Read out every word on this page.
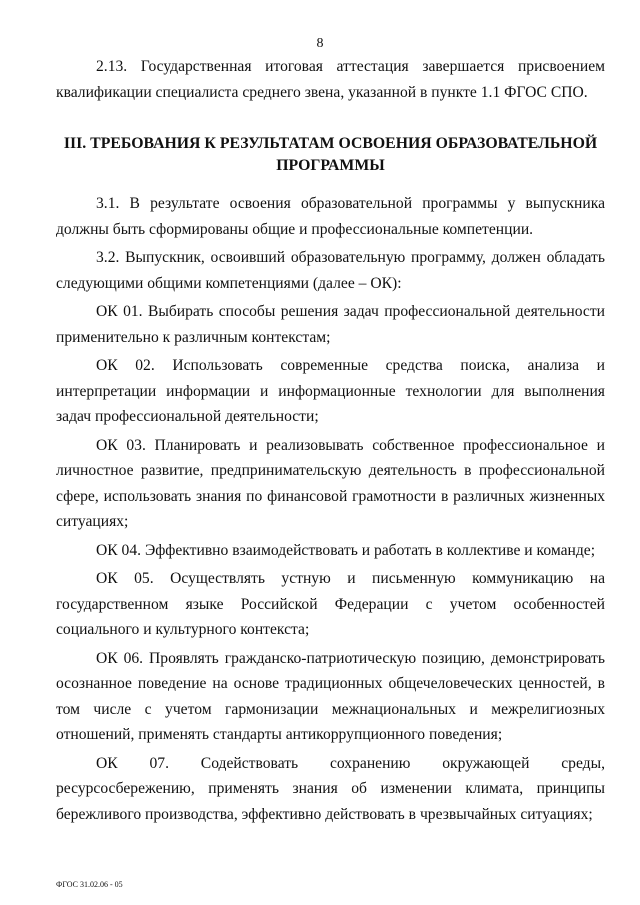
8

2.13. Государственная итоговая аттестация завершается присвоением квалификации специалиста среднего звена, указанной в пункте 1.1 ФГОС СПО.

III. ТРЕБОВАНИЯ К РЕЗУЛЬТАТАМ ОСВОЕНИЯ ОБРАЗОВАТЕЛЬНОЙ ПРОГРАММЫ

3.1. В результате освоения образовательной программы у выпускника должны быть сформированы общие и профессиональные компетенции.

3.2. Выпускник, освоивший образовательную программу, должен обладать следующими общими компетенциями (далее – ОК):

ОК 01. Выбирать способы решения задач профессиональной деятельности применительно к различным контекстам;

ОК 02. Использовать современные средства поиска, анализа и интерпретации информации и информационные технологии для выполнения задач профессиональной деятельности;

ОК 03. Планировать и реализовывать собственное профессиональное и личностное развитие, предпринимательскую деятельность в профессиональной сфере, использовать знания по финансовой грамотности в различных жизненных ситуациях;

ОК 04. Эффективно взаимодействовать и работать в коллективе и команде;

ОК 05. Осуществлять устную и письменную коммуникацию на государственном языке Российской Федерации с учетом особенностей социального и культурного контекста;

ОК 06. Проявлять гражданско-патриотическую позицию, демонстрировать осознанное поведение на основе традиционных общечеловеческих ценностей, в том числе с учетом гармонизации межнациональных и межрелигиозных отношений, применять стандарты антикоррупционного поведения;

ОК 07. Содействовать сохранению окружающей среды, ресурсосбережению, применять знания об изменении климата, принципы бережливого производства, эффективно действовать в чрезвычайных ситуациях;

ФГОС 31.02.06 - 05
